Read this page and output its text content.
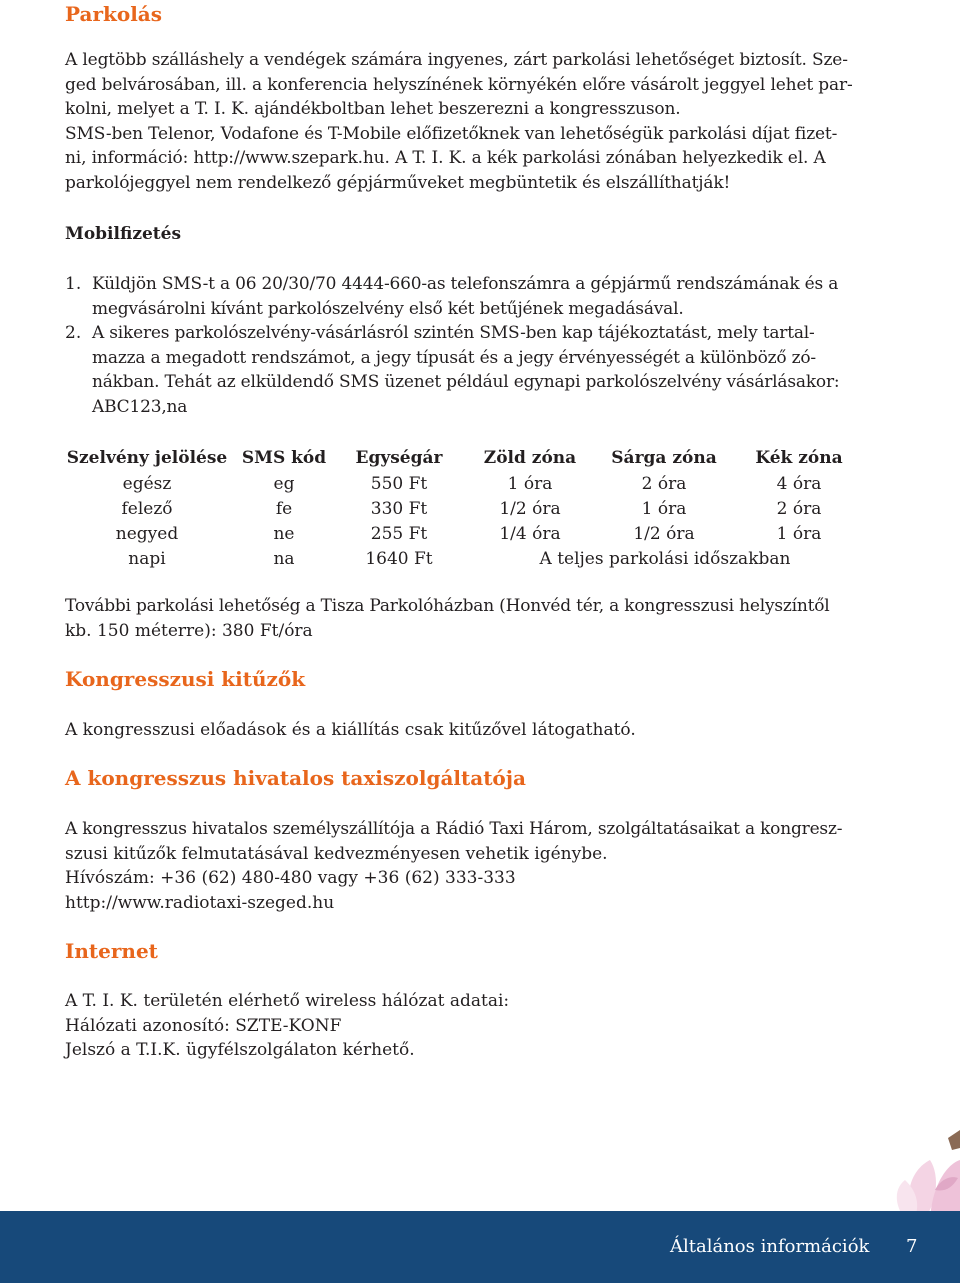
Parkolás
A legtöbb szálláshely a vendégek számára ingyenes, zárt parkolási lehetőséget biztosít. Sze-
ged belvárosában, ill. a konferencia helyszínének környékén előre vásárolt jeggyel lehet par-
kolni, melyet a T. I. K. ajándékboltban lehet beszerezni a kongresszuson.
SMS-ben Telenor, Vodafone és T-Mobile előfizetőknek van lehetőségük parkolási díjat fizet-
ni, információ: http://www.szepark.hu. A T. I. K. a kék parkolási zónában helyezkedik el. A
parkolójeggyel nem rendelkező gépjárműveket megbüntetik és elszállíthatják!
Mobilfizetés
1. Küldjön SMS-t a 06 20/30/70 4444-660-as telefonszámra a gépjármű rendszámának és a
megvásárolni kívánt parkolószelvény első két betűjének megadásával.
2. A sikeres parkolószelvény-vásárlásról szintén SMS-ben kap tájékoztatást, mely tartal-
mazza a megadott rendszámot, a jegy típusát és a jegy érvényességét a különböző zó-
nákban. Tehát az elküldendő SMS üzenet például egynapi parkolószelvény vásárlásakor:
ABC123,na
Szelvény jelölése	SMS kód	Egységár	Zöld zóna	Sárga zóna	Kék zóna
egész	eg	550 Ft	1 óra	2 óra	4 óra
felező	fe	330 Ft	1/2 óra	1 óra	2 óra
negyed	ne	255 Ft	1/4 óra	1/2 óra	1 óra
napi	na	1640 Ft	A teljes parkolási időszakban		
További parkolási lehetőség a Tisza Parkolóházban (Honvéd tér, a kongresszusi helyszíntől
kb. 150 méterre): 380 Ft/óra
Kongresszusi kitűzők
A kongresszusi előadások és a kiállítás csak kitűzővel látogatható.
A kongresszus hivatalos taxiszolgáltatója
A kongresszus hivatalos személyszállítója a Rádió Taxi Három, szolgáltatásaikat a kongresz-
szusi kitűzők felmutatásával kedvezményesen vehetik igénybe.
Hívószám: +36 (62) 480-480 vagy +36 (62) 333-333
http://www.radiotaxi-szeged.hu
Internet
A T. I. K. területén elérhető wireless hálózat adatai:
Hálózati azonosító: SZTE-KONF
Jelszó a T.I.K. ügyfélszolgálaton kérhető.
Általános információk 7
